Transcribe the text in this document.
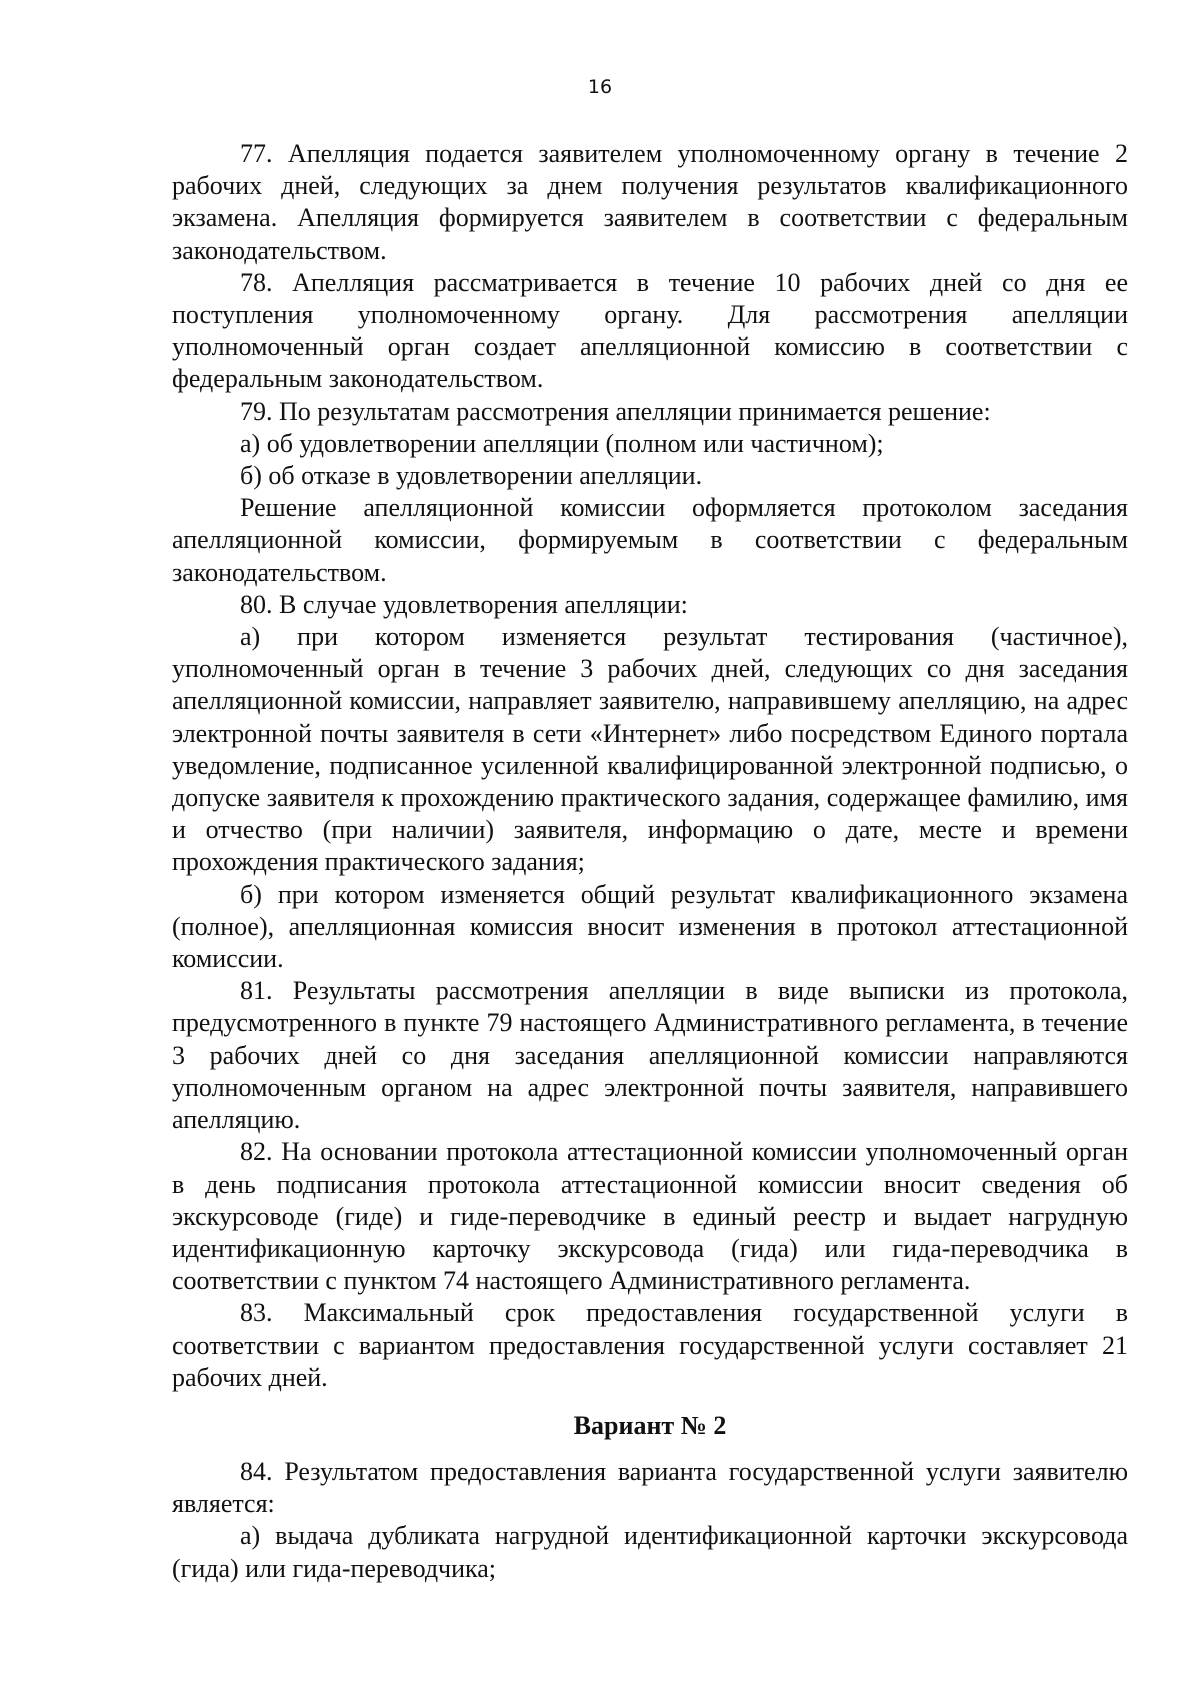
16

77. Апелляция подается заявителем уполномоченному органу в течение 2 рабочих дней, следующих за днем получения результатов квалификационного экзамена. Апелляция формируется заявителем в соответствии с федеральным законодательством.

78. Апелляция рассматривается в течение 10 рабочих дней со дня ее поступления уполномоченному органу. Для рассмотрения апелляции уполномоченный орган создает апелляционной комиссию в соответствии с федеральным законодательством.

79. По результатам рассмотрения апелляции принимается решение:

а) об удовлетворении апелляции (полном или частичном);

б) об отказе в удовлетворении апелляции.

Решение апелляционной комиссии оформляется протоколом заседания апелляционной комиссии, формируемым в соответствии с федеральным законодательством.

80. В случае удовлетворения апелляции:

а) при котором изменяется результат тестирования (частичное), уполномоченный орган в течение 3 рабочих дней, следующих со дня заседания апелляционной комиссии, направляет заявителю, направившему апелляцию, на адрес электронной почты заявителя в сети «Интернет» либо посредством Единого портала уведомление, подписанное усиленной квалифицированной электронной подписью, о допуске заявителя к прохождению практического задания, содержащее фамилию, имя и отчество (при наличии) заявителя, информацию о дате, месте и времени прохождения практического задания;

б) при котором изменяется общий результат квалификационного экзамена (полное), апелляционная комиссия вносит изменения в протокол аттестационной комиссии.

81. Результаты рассмотрения апелляции в виде выписки из протокола, предусмотренного в пункте 79 настоящего Административного регламента, в течение 3 рабочих дней со дня заседания апелляционной комиссии направляются уполномоченным органом на адрес электронной почты заявителя, направившего апелляцию.

82. На основании протокола аттестационной комиссии уполномоченный орган в день подписания протокола аттестационной комиссии вносит сведения об экскурсоводе (гиде) и гиде-переводчике в единый реестр и выдает нагрудную идентификационную карточку экскурсовода (гида) или гида-переводчика в соответствии с пунктом 74 настоящего Административного регламента.

83. Максимальный срок предоставления государственной услуги в соответствии с вариантом предоставления государственной услуги составляет 21 рабочих дней.

Вариант № 2

84. Результатом предоставления варианта государственной услуги заявителю является:

а) выдача дубликата нагрудной идентификационной карточки экскурсовода (гида) или гида-переводчика;
